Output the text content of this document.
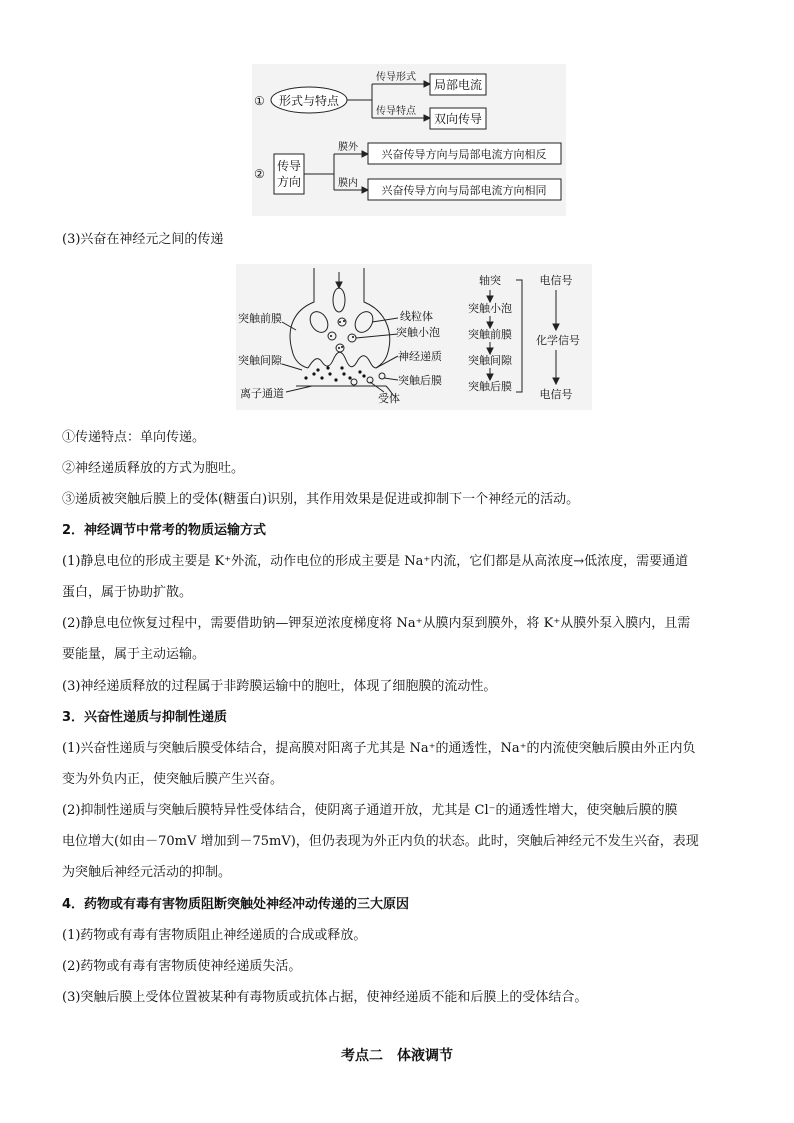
① 形式与特点
传导形式
局部电流
传导特点
双向传导
②
传导
方向
膜外
兴奋传导方向与局部电流方向相反
膜内
兴奋传导方向与局部电流方向相同
(3)兴奋在神经元之间的传递
突触前膜
突触间隙
离子通道
线粒体
突触小泡
神经递质
突触后膜
受体
轴突
突触小泡
突触前膜
突触间隙
突触后膜
电信号
化学信号
电信号
①传递特点：单向传递。
②神经递质释放的方式为胞吐。
③递质被突触后膜上的受体(糖蛋白)识别，其作用效果是促进或抑制下一个神经元的活动。
2．神经调节中常考的物质运输方式
(1)静息电位的形成主要是 K⁺外流，动作电位的形成主要是 Na⁺内流，它们都是从高浓度→低浓度，需要通道
蛋白，属于协助扩散。
(2)静息电位恢复过程中，需要借助钠—钾泵逆浓度梯度将 Na⁺从膜内泵到膜外，将 K⁺从膜外泵入膜内，且需
要能量，属于主动运输。
(3)神经递质释放的过程属于非跨膜运输中的胞吐，体现了细胞膜的流动性。
3．兴奋性递质与抑制性递质
(1)兴奋性递质与突触后膜受体结合，提高膜对阳离子尤其是 Na⁺的通透性，Na⁺的内流使突触后膜由外正内负
变为外负内正，使突触后膜产生兴奋。
(2)抑制性递质与突触后膜特异性受体结合，使阴离子通道开放，尤其是 Cl⁻的通透性增大，使突触后膜的膜
电位增大(如由－70mV 增加到－75mV)，但仍表现为外正内负的状态。此时，突触后神经元不发生兴奋，表现
为突触后神经元活动的抑制。
4．药物或有毒有害物质阻断突触处神经冲动传递的三大原因
(1)药物或有毒有害物质阻止神经递质的合成或释放。
(2)药物或有毒有害物质使神经递质失活。
(3)突触后膜上受体位置被某种有毒物质或抗体占据，使神经递质不能和后膜上的受体结合。
考点二　体液调节
